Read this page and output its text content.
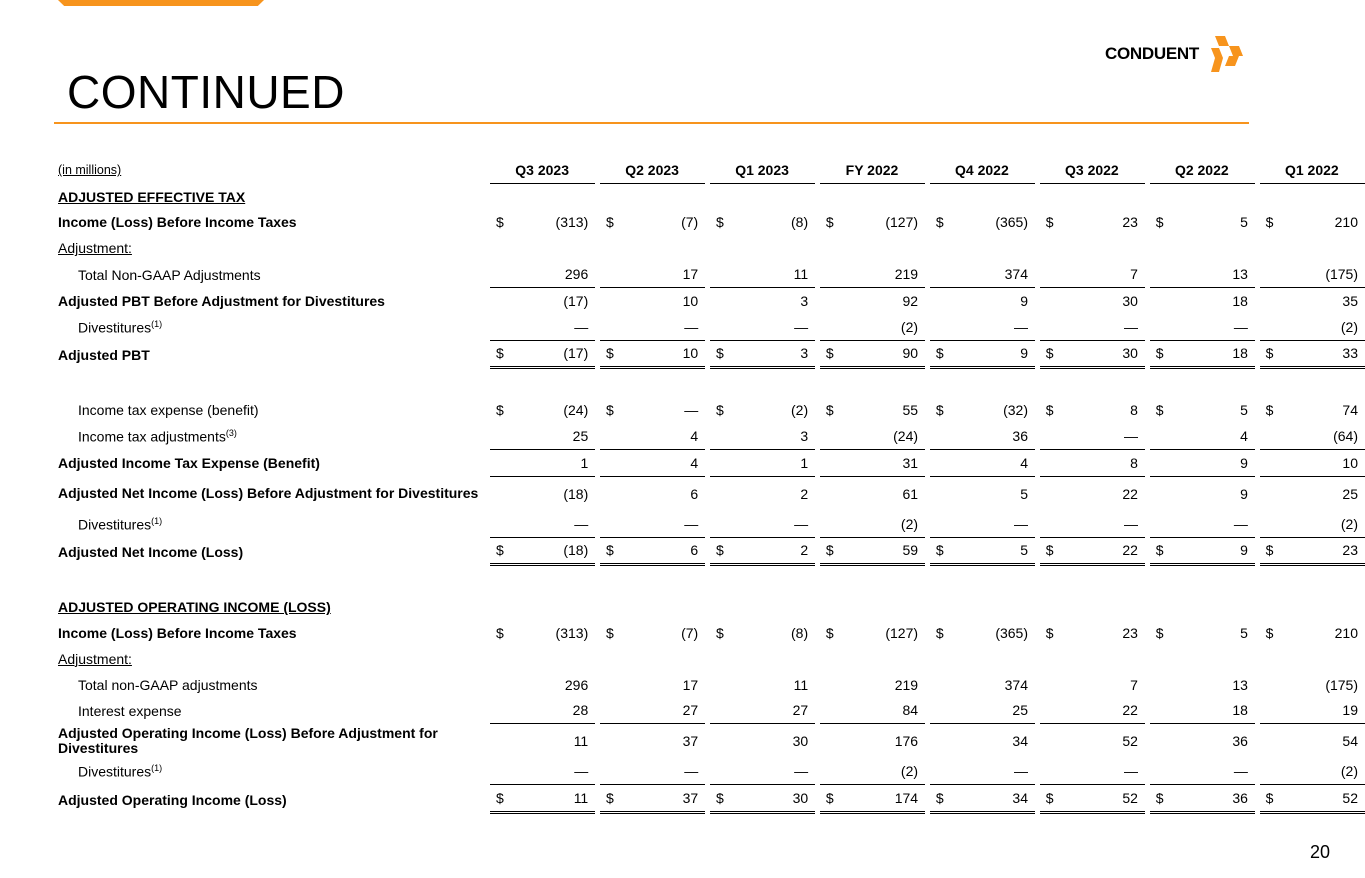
CONTINUED
CONDUENT
(in millions)		Q3 2023		Q2 2023		Q1 2023		FY 2022		Q4 2022		Q3 2022		Q2 2022		Q1 2022
ADJUSTED EFFECTIVE TAX																
Income (Loss) Before Income Taxes		$ (313)		$ (7)		$ (8)		$ (127)		$ (365)		$ 23		$ 5		$ 210

Adjustment:																
Total Non-GAAP Adjustments		296		17		11		219		374		7		13		(175)

Adjusted PBT Before Adjustment for Divestitures		(17)		10		3		92		9		30		18		35

Divestitures$^{(1)}$		—		—		—		(2)		—		—		—		(2)

Adjusted PBT		$ (17)		$ 10		$ 3		$ 90		$ 9		$ 30		$ 18		$ 33

Income tax expense (benefit)		$ (24)		$ —		$ (2)		$ 55		$ (32)		$ 8		$ 5		$ 74

Income tax adjustments$^{(3)}$		25		4		3		(24)		36		—		4		(64)

Adjusted Income Tax Expense (Benefit)		1		4		1		31		4		8		9		10

Adjusted Net Income (Loss) Before Adjustment for Divestitures		(18)		6		2		61		5		22		9		25

Divestitures$^{(1)}$		—		—		—		(2)		—		—		—		(2)

Adjusted Net Income (Loss)		$ (18)		$ 6		$ 2		$ 59		$ 5		$ 22		$ 9		$ 23

ADJUSTED OPERATING INCOME (LOSS)																
Income (Loss) Before Income Taxes		$ (313)		$ (7)		$ (8)		$ (127)		$ (365)		$ 23		$ 5		$ 210

Adjustment:																
Total non-GAAP adjustments		296		17		11		219		374		7		13		(175)

Interest expense		28		27		27		84		25		22		18		19

Adjusted Operating Income (Loss) Before Adjustment for Divestitures		11		37		30		176		34		52		36		54

Divestitures$^{(1)}$		—		—		—		(2)		—		—		—		(2)

Adjusted Operating Income (Loss)		$ 11		$ 37		$ 30		$ 174		$ 34		$ 52		$ 36		$ 52
20
